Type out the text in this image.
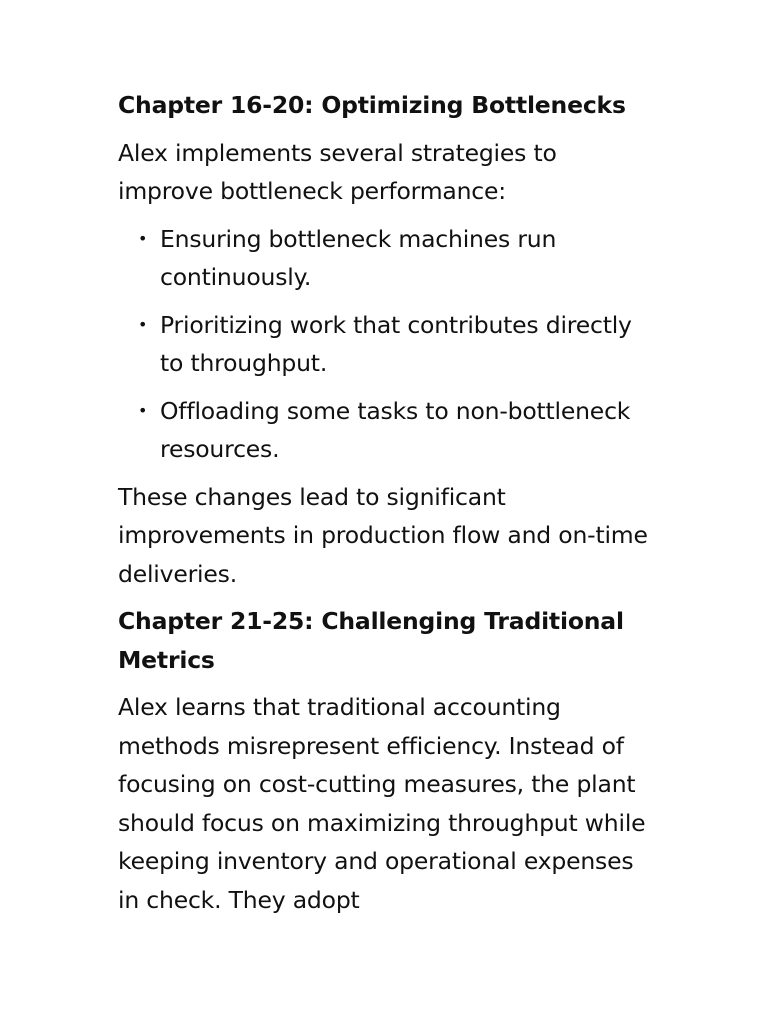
Chapter 16-20: Optimizing Bottlenecks

Alex implements several strategies to improve bottleneck performance:

• Ensuring bottleneck machines run continuously.
• Prioritizing work that contributes directly to throughput.
• Offloading some tasks to non-bottleneck resources.

These changes lead to significant improvements in production flow and on-time deliveries.

Chapter 21-25: Challenging Traditional Metrics

Alex learns that traditional accounting methods misrepresent efficiency. Instead of focusing on cost-cutting measures, the plant should focus on maximizing throughput while keeping inventory and operational expenses in check. They adopt
